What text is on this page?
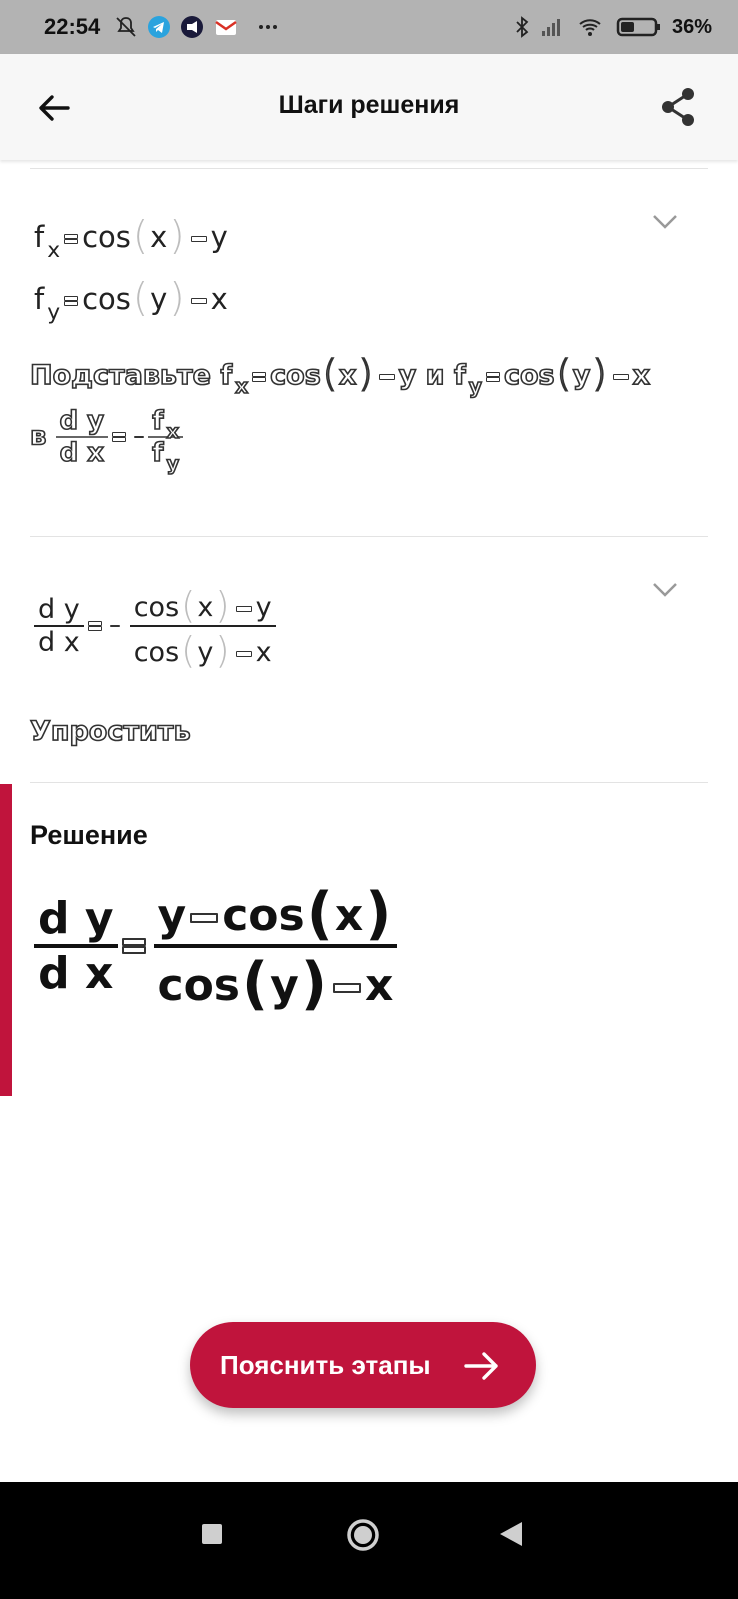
22:54	36%
Шаги решения
f $_x$ cos(x) y
f $_y$ cos(y) x
Подставьте f $_x$ cos(x) y и f $_y$ cos(y) x
в $\frac{\text{d y}}{\text{d x}} \frac{f _x}{f _y}$
$\frac{\text{d y}}{\text{d x}} \frac{\cos(x) y}{\cos(y) x}$
Упростить
Решение
$\frac{\text{d y}}{\text{d x}} \frac{\text{y cos(x)}}{\cos(y) x}$
Пояснить этапы
